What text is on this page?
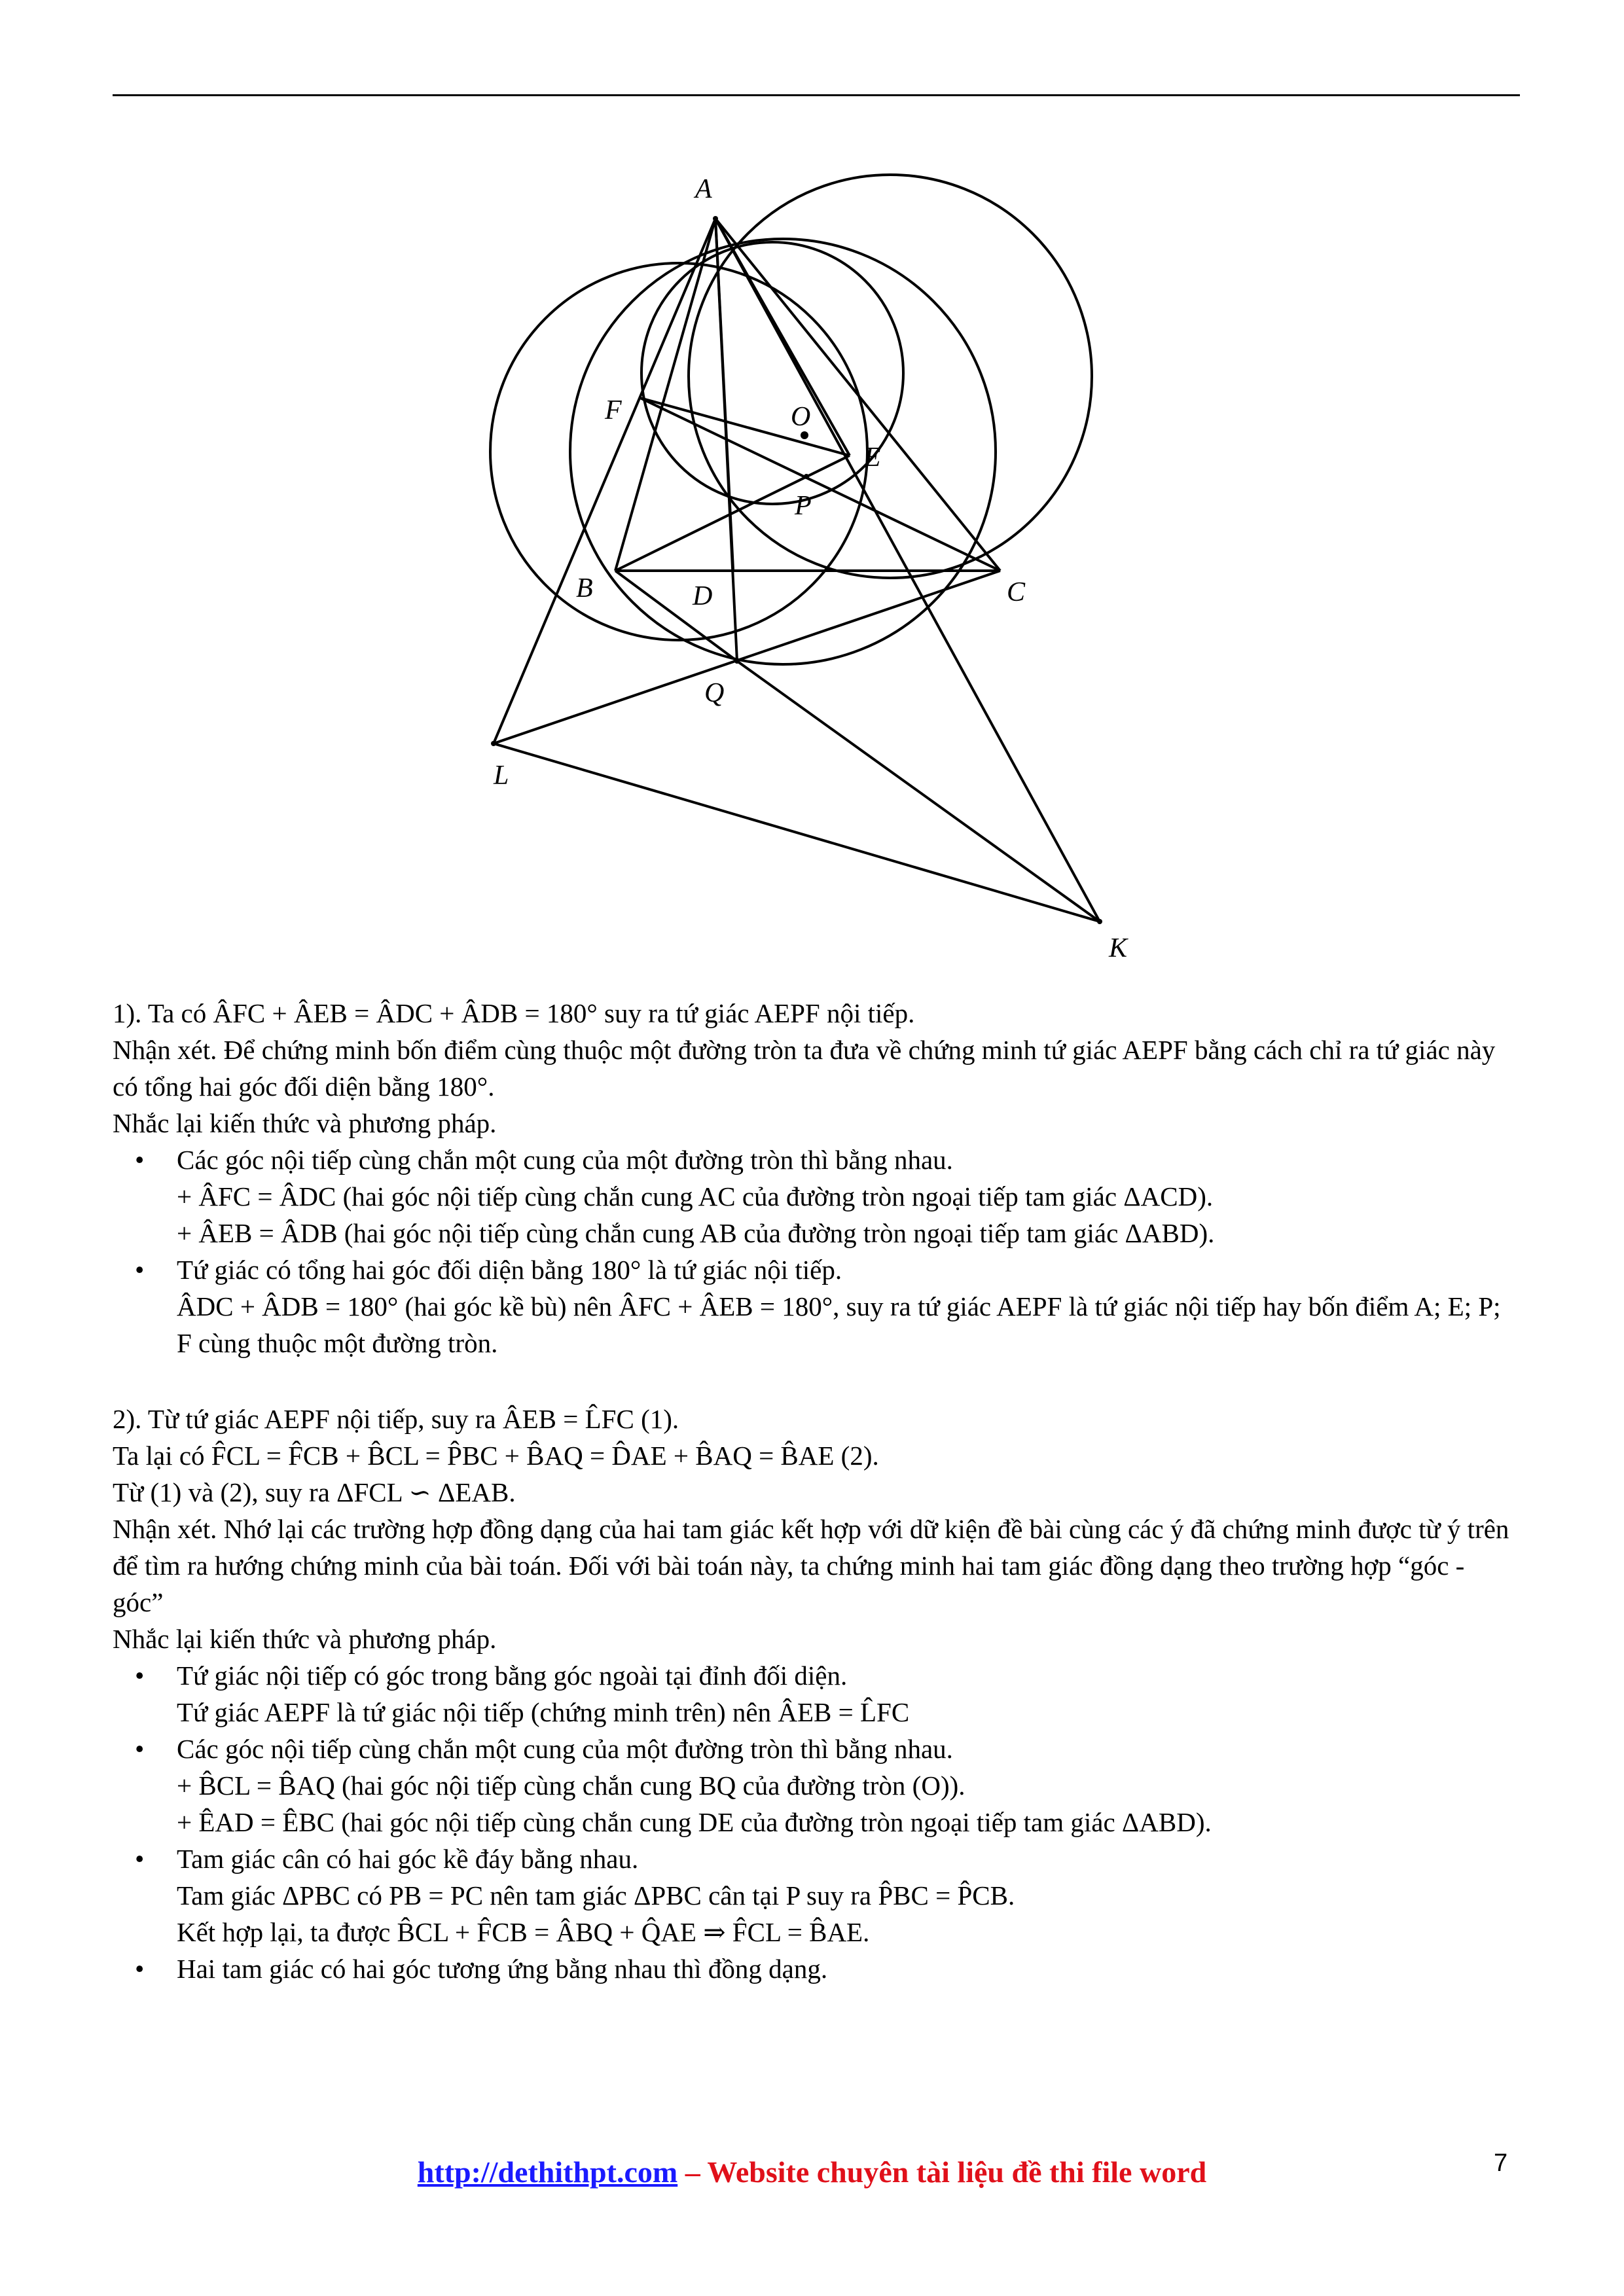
A
F	O
E
P
B	D	C
Q
L
K

1). Ta có ÂFC + ÂEB = ÂDC + ÂDB = 180° suy ra tứ giác AEPF nội tiếp.

Nhận xét. Để chứng minh bốn điểm cùng thuộc một đường tròn ta đưa về chứng minh tứ giác AEPF bằng cách chỉ ra tứ giác này có tổng hai góc đối diện bằng 180°.

Nhắc lại kiến thức và phương pháp.

• Các góc nội tiếp cùng chắn một cung của một đường tròn thì bằng nhau.

+ ÂFC = ÂDC (hai góc nội tiếp cùng chắn cung AC của đường tròn ngoại tiếp tam giác ΔACD).

+ ÂEB = ÂDB (hai góc nội tiếp cùng chắn cung AB của đường tròn ngoại tiếp tam giác ΔABD).

• Tứ giác có tổng hai góc đối diện bằng 180° là tứ giác nội tiếp.

ÂDC + ÂDB = 180° (hai góc kề bù) nên ÂFC + ÂEB = 180°, suy ra tứ giác AEPF là tứ giác nội tiếp hay bốn điểm A; E; P; F cùng thuộc một đường tròn.

2). Từ tứ giác AEPF nội tiếp, suy ra ÂEB = L̂FC (1).

Ta lại có F̂CL = F̂CB + B̂CL = P̂BC + B̂AQ = D̂AE + B̂AQ = B̂AE (2).

Từ (1) và (2), suy ra ΔFCL ∽ ΔEAB.

Nhận xét. Nhớ lại các trường hợp đồng dạng của hai tam giác kết hợp với dữ kiện đề bài cùng các ý đã chứng minh được từ ý trên để tìm ra hướng chứng minh của bài toán. Đối với bài toán này, ta chứng minh hai tam giác đồng dạng theo trường hợp “góc - góc”

Nhắc lại kiến thức và phương pháp.

• Tứ giác nội tiếp có góc trong bằng góc ngoài tại đỉnh đối diện.

Tứ giác AEPF là tứ giác nội tiếp (chứng minh trên) nên ÂEB = L̂FC

• Các góc nội tiếp cùng chắn một cung của một đường tròn thì bằng nhau.

+ B̂CL = B̂AQ (hai góc nội tiếp cùng chắn cung BQ của đường tròn (O)).

+ ÊAD = ÊBC (hai góc nội tiếp cùng chắn cung DE của đường tròn ngoại tiếp tam giác ΔABD).

• Tam giác cân có hai góc kề đáy bằng nhau.

Tam giác ΔPBC có PB = PC nên tam giác ΔPBC cân tại P suy ra P̂BC = P̂CB.

Kết hợp lại, ta được B̂CL + F̂CB = ÂBQ + Q̂AE ⇒ F̂CL = B̂AE.

• Hai tam giác có hai góc tương ứng bằng nhau thì đồng dạng.

http://dethithpt.com – Website chuyên tài liệu đề thi file word	7
